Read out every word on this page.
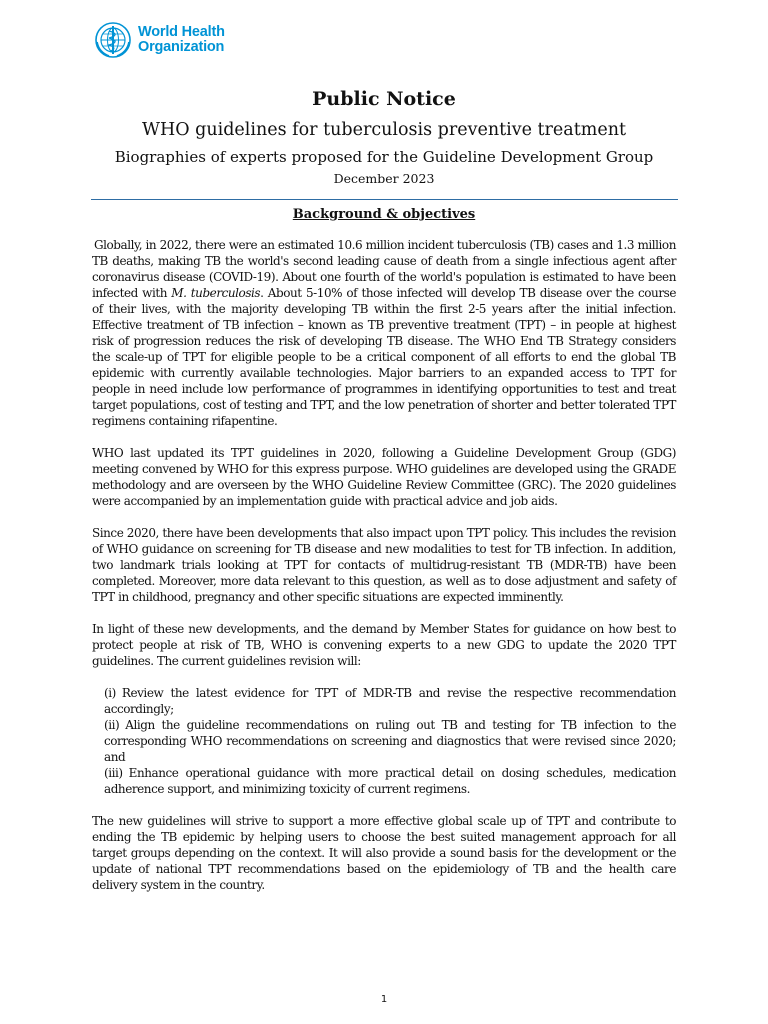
World Health
Organization
Public Notice
WHO guidelines for tuberculosis preventive treatment
Biographies of experts proposed for the Guideline Development Group
December 2023
Background & objectives

Globally, in 2022, there were an estimated 10.6 million incident tuberculosis (TB) cases and 1.3 million TB deaths, making TB the world's second leading cause of death from a single infectious agent after coronavirus disease (COVID-19). About one fourth of the world's population is estimated to have been infected with M. tuberculosis. About 5-10% of those infected will develop TB disease over the course of their lives, with the majority developing TB within the first 2-5 years after the initial infection. Effective treatment of TB infection – known as TB preventive treatment (TPT) – in people at highest risk of progression reduces the risk of developing TB disease. The WHO End TB Strategy considers the scale-up of TPT for eligible people to be a critical component of all efforts to end the global TB epidemic with currently available technologies. Major barriers to an expanded access to TPT for people in need include low performance of programmes in identifying opportunities to test and treat target populations, cost of testing and TPT, and the low penetration of shorter and better tolerated TPT regimens containing rifapentine.

WHO last updated its TPT guidelines in 2020, following a Guideline Development Group (GDG) meeting convened by WHO for this express purpose. WHO guidelines are developed using the GRADE methodology and are overseen by the WHO Guideline Review Committee (GRC). The 2020 guidelines were accompanied by an implementation guide with practical advice and job aids.

Since 2020, there have been developments that also impact upon TPT policy. This includes the revision of WHO guidance on screening for TB disease and new modalities to test for TB infection. In addition, two landmark trials looking at TPT for contacts of multidrug-resistant TB (MDR-TB) have been completed. Moreover, more data relevant to this question, as well as to dose adjustment and safety of TPT in childhood, pregnancy and other specific situations are expected imminently.

In light of these new developments, and the demand by Member States for guidance on how best to protect people at risk of TB, WHO is convening experts to a new GDG to update the 2020 TPT guidelines. The current guidelines revision will:

(i) Review the latest evidence for TPT of MDR-TB and revise the respective recommendation accordingly;
(ii) Align the guideline recommendations on ruling out TB and testing for TB infection to the corresponding WHO recommendations on screening and diagnostics that were revised since 2020; and
(iii) Enhance operational guidance with more practical detail on dosing schedules, medication adherence support, and minimizing toxicity of current regimens.

The new guidelines will strive to support a more effective global scale up of TPT and contribute to ending the TB epidemic by helping users to choose the best suited management approach for all target groups depending on the context. It will also provide a sound basis for the development or the update of national TPT recommendations based on the epidemiology of TB and the health care delivery system in the country.

1
